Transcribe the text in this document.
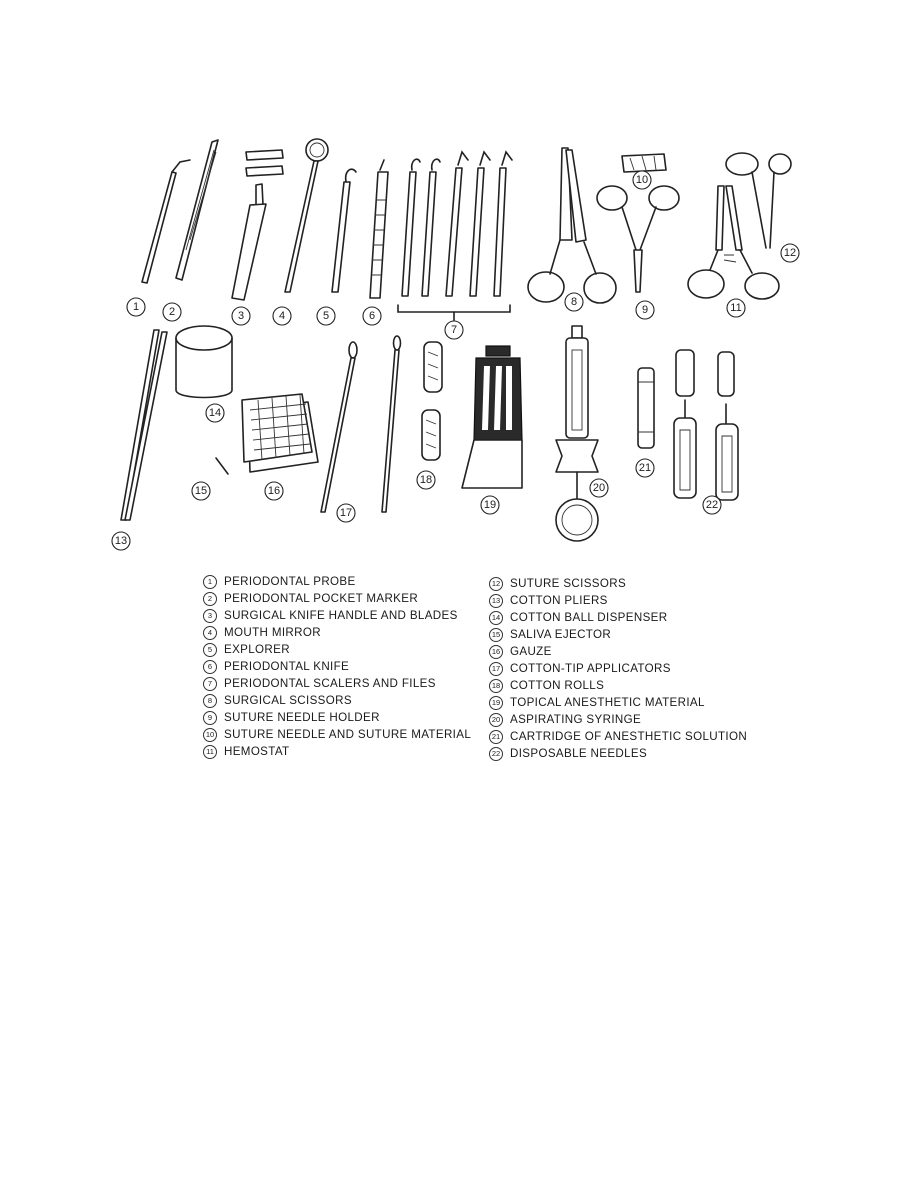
1	2	3	4	5	6
7
8
9
10
11
12
13
14
15	16
17
18
19
20
21
22
1	PERIODONTAL PROBE
2	PERIODONTAL POCKET MARKER
3	SURGICAL KNIFE HANDLE AND BLADES
4	MOUTH MIRROR
5	EXPLORER
6	PERIODONTAL KNIFE
7	PERIODONTAL SCALERS AND FILES
8	SURGICAL SCISSORS
9	SUTURE NEEDLE HOLDER
10 SUTURE NEEDLE AND SUTURE MATERIAL
11 HEMOSTAT
12 SUTURE SCISSORS
13 COTTON PLIERS
14 COTTON BALL DISPENSER
15 SALIVA EJECTOR
16 GAUZE
17 COTTON-TIP APPLICATORS
18 COTTON ROLLS
19 TOPICAL ANESTHETIC MATERIAL
20 ASPIRATING SYRINGE
21 CARTRIDGE OF ANESTHETIC SOLUTION
22 DISPOSABLE NEEDLES
